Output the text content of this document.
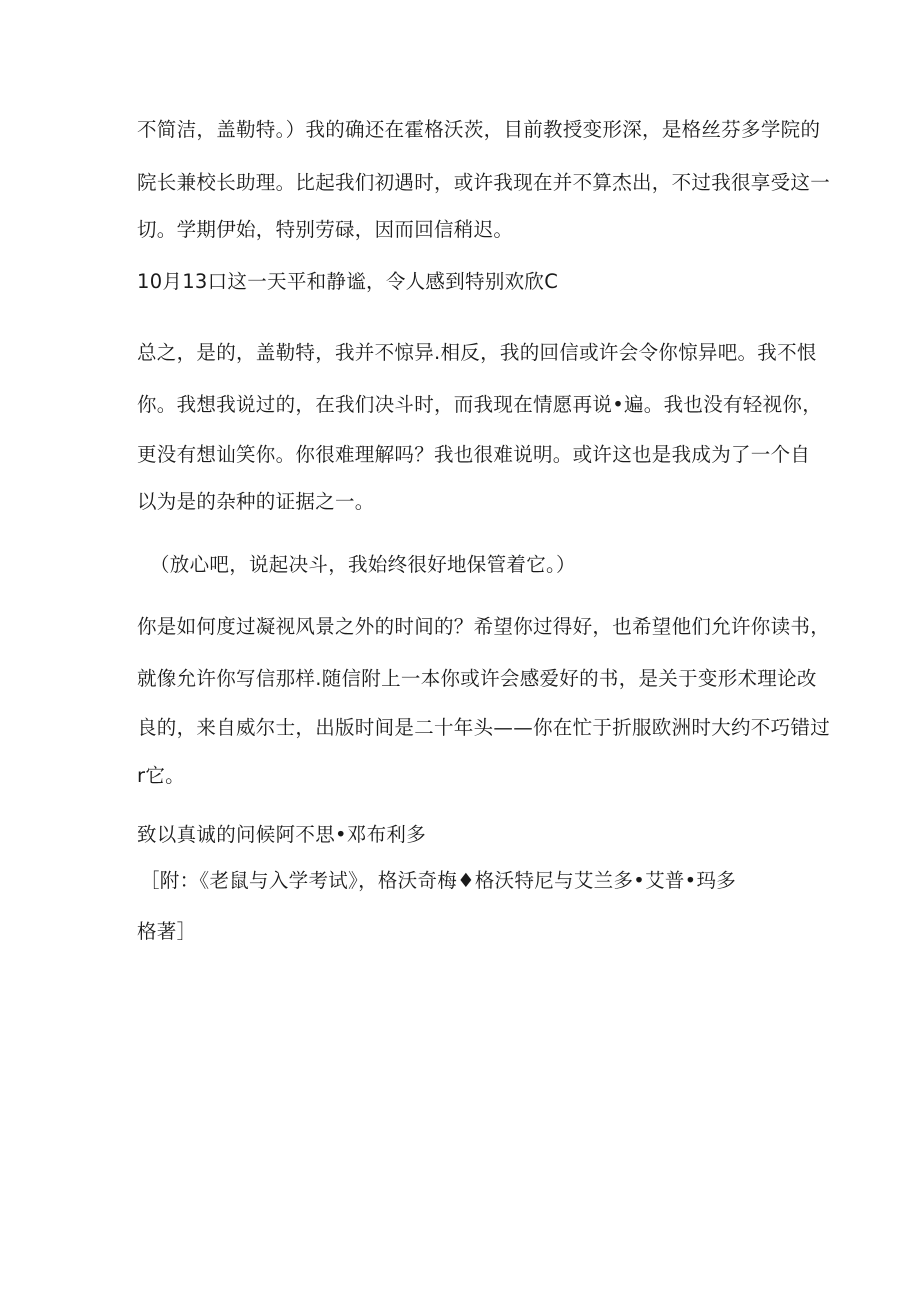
不简洁，盖勒特。）我的确还在霍格沃茨，目前教授变形深，是格丝芬多学院的
院长兼校长助理。比起我们初遇时，或许我现在并不算杰出，不过我很享受这一
切。学期伊始，特别劳碌，因而回信稍迟。
10月13口这一天平和静谧，令人感到特别欢欣C
总之，是的，盖勒特，我并不惊异.相反，我的回信或许会令你惊异吧。我不恨
你。我想我说过的，在我们决斗时，而我现在情愿再说•遍。我也没有轻视你，
更没有想讪笑你。你很难理解吗？我也很难说明。或许这也是我成为了一个自
以为是的杂种的证据之一。
（放心吧，说起决斗，我始终很好地保管着它。）
你是如何度过凝视风景之外的时间的？希望你过得好，也希望他们允许你读书，
就像允许你写信那样.随信附上一本你或许会感爱好的书，是关于变形术理论改
良的，来自威尔士，出版时间是二十年头——你在忙于折服欧洲时大约不巧错过
r它。
致以真诚的问候阿不思•邓布利多
［附：《老鼠与入学考试》，格沃奇梅♦格沃特尼与艾兰多•艾普•玛多
格著］
